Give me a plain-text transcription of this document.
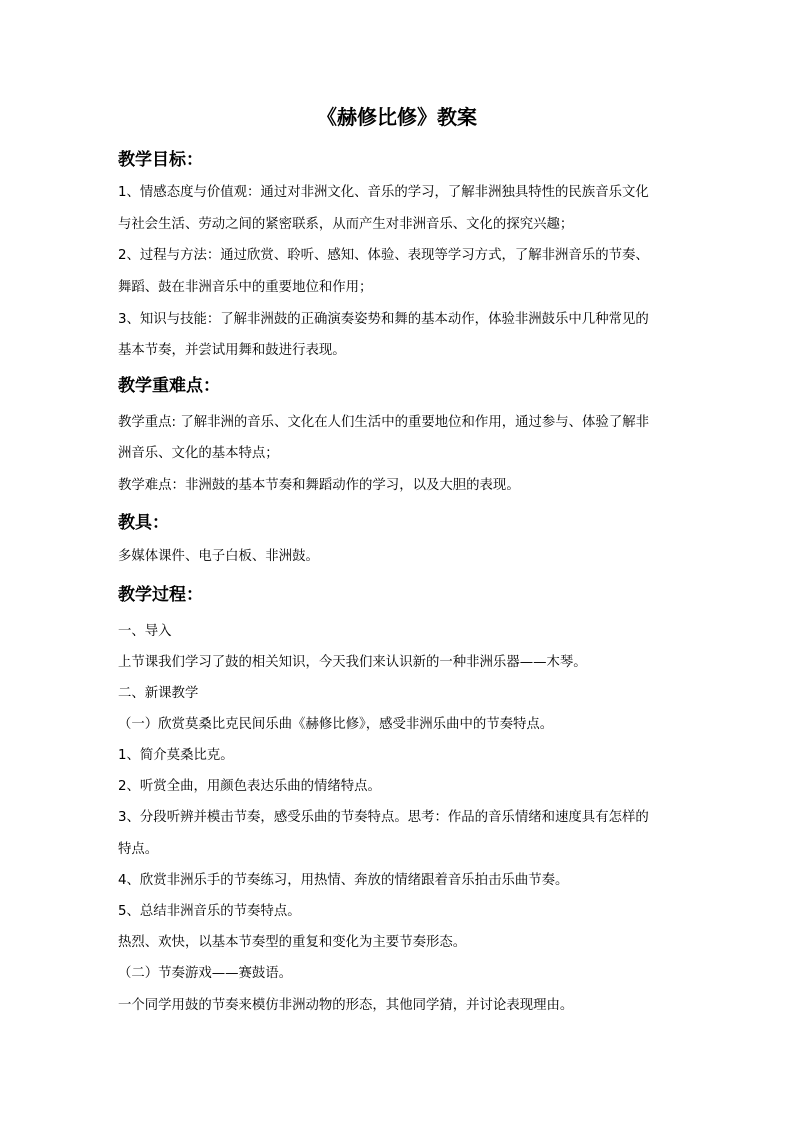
《赫修比修》教案
教学目标：
1、情感态度与价值观：通过对非洲文化、音乐的学习，了解非洲独具特性的民族音乐文化
与社会生活、劳动之间的紧密联系，从而产生对非洲音乐、文化的探究兴趣；
2、过程与方法：通过欣赏、聆听、感知、体验、表现等学习方式，了解非洲音乐的节奏、
舞蹈、鼓在非洲音乐中的重要地位和作用；
3、知识与技能：了解非洲鼓的正确演奏姿势和舞的基本动作，体验非洲鼓乐中几种常见的
基本节奏，并尝试用舞和鼓进行表现。
教学重难点：
教学重点: 了解非洲的音乐、文化在人们生活中的重要地位和作用，通过参与、体验了解非
洲音乐、文化的基本特点；
教学难点：非洲鼓的基本节奏和舞蹈动作的学习，以及大胆的表现。
教具：
多媒体课件、电子白板、非洲鼓。
教学过程：
一、导入
上节课我们学习了鼓的相关知识，今天我们来认识新的一种非洲乐器——木琴。
二、新课教学
（一）欣赏莫桑比克民间乐曲《赫修比修》，感受非洲乐曲中的节奏特点。
1、简介莫桑比克。
2、听赏全曲，用颜色表达乐曲的情绪特点。
3、分段听辨并模击节奏，感受乐曲的节奏特点。思考：作品的音乐情绪和速度具有怎样的
特点。
4、欣赏非洲乐手的节奏练习，用热情、奔放的情绪跟着音乐拍击乐曲节奏。
5、总结非洲音乐的节奏特点。
热烈、欢快，以基本节奏型的重复和变化为主要节奏形态。
（二）节奏游戏——赛鼓语。
一个同学用鼓的节奏来模仿非洲动物的形态，其他同学猜，并讨论表现理由。
